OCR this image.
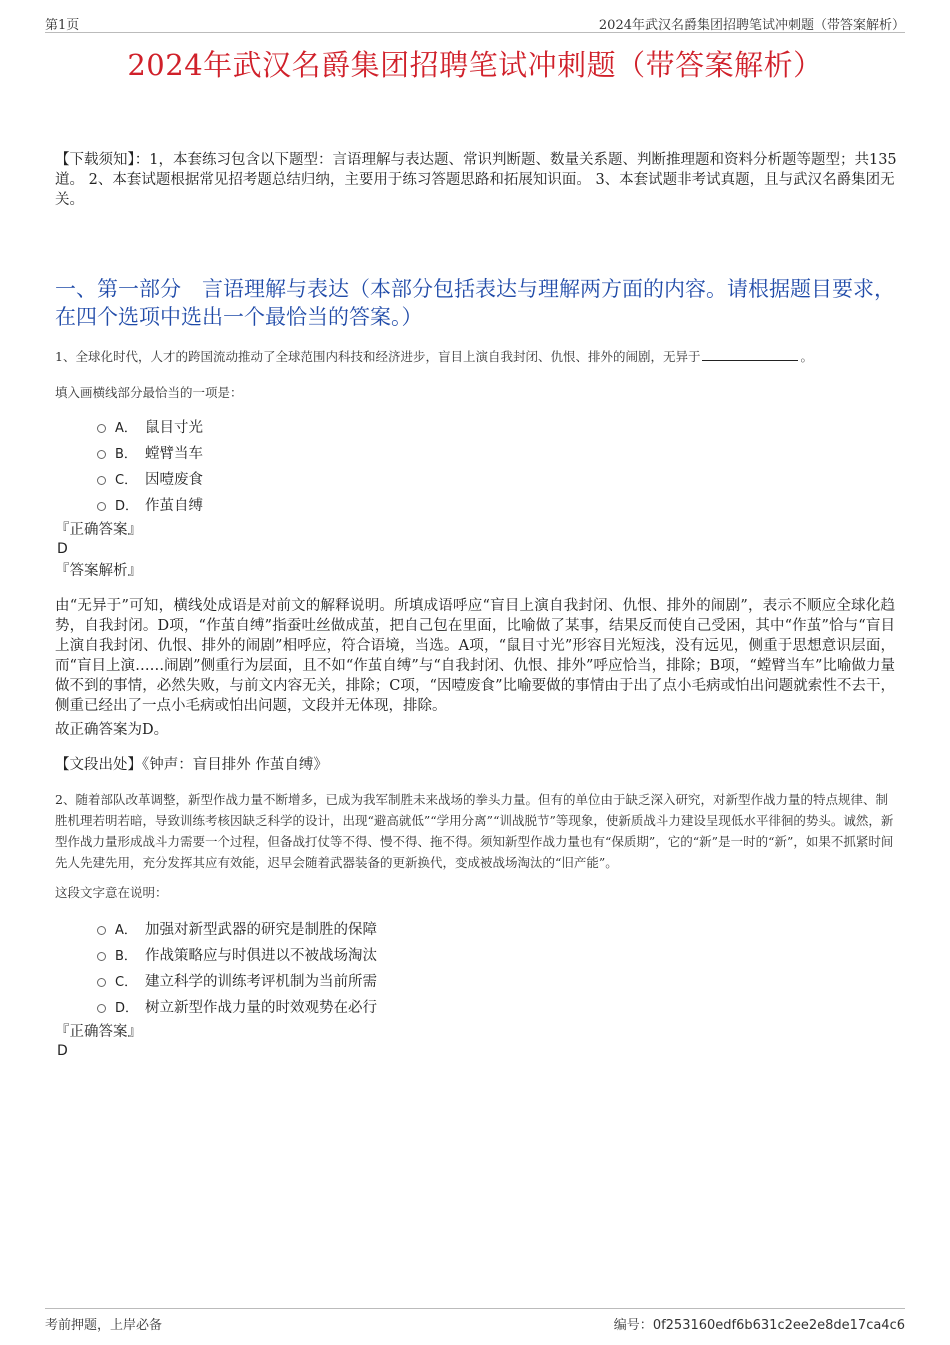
第1页	2024年武汉名爵集团招聘笔试冲刺题（带答案解析）
2024年武汉名爵集团招聘笔试冲刺题（带答案解析）
【下载须知】：1，本套练习包含以下题型：言语理解与表达题、常识判断题、数量关系题、判断推理题和资料分析题等题型；共135道。 2、本套试题根据常见招考题总结归纳，主要用于练习答题思路和拓展知识面。 3、本套试题非考试真题，且与武汉名爵集团无关。
一、第一部分　言语理解与表达（本部分包括表达与理解两方面的内容。请根据题目要求，在四个选项中选出一个最恰当的答案。）
1、全球化时代，人才的跨国流动推动了全球范围内科技和经济进步，盲目上演自我封闭、仇恨、排外的闹剧，无异于	。
填入画横线部分最恰当的一项是：
A． 鼠目寸光
B． 螳臂当车
C． 因噎废食
D． 作茧自缚
『正确答案』
D
『答案解析』
由“无异于”可知，横线处成语是对前文的解释说明。所填成语呼应“盲目上演自我封闭、仇恨、排外的闹剧”，表示不顺应全球化趋势，自我封闭。D项，“作茧自缚”指蚕吐丝做成茧，把自己包在里面，比喻做了某事，结果反而使自己受困，其中“作茧”恰与“盲目上演自我封闭、仇恨、排外的闹剧”相呼应，符合语境，当选。A项，“鼠目寸光”形容目光短浅，没有远见，侧重于思想意识层面，而“盲目上演……闹剧”侧重行为层面，且不如“作茧自缚”与“自我封闭、仇恨、排外”呼应恰当，排除；B项，“螳臂当车”比喻做力量做不到的事情，必然失败，与前文内容无关，排除；C项，“因噎废食”比喻要做的事情由于出了点小毛病或怕出问题就索性不去干，侧重已经出了一点小毛病或怕出问题，文段并无体现，排除。
故正确答案为D。
【文段出处】《钟声：盲目排外 作茧自缚》
2、随着部队改革调整，新型作战力量不断增多，已成为我军制胜未来战场的拳头力量。但有的单位由于缺乏深入研究，对新型作战力量的特点规律、制胜机理若明若暗，导致训练考核因缺乏科学的设计，出现“避高就低”“学用分离”“训战脱节”等现象，使新质战斗力建设呈现低水平徘徊的势头。诚然，新型作战力量形成战斗力需要一个过程，但备战打仗等不得、慢不得、拖不得。须知新型作战力量也有“保质期”，它的“新”是一时的“新”，如果不抓紧时间先人先建先用，充分发挥其应有效能，迟早会随着武器装备的更新换代，变成被战场淘汰的“旧产能”。
这段文字意在说明：
A． 加强对新型武器的研究是制胜的保障
B． 作战策略应与时俱进以不被战场淘汰
C． 建立科学的训练考评机制为当前所需
D． 树立新型作战力量的时效观势在必行
『正确答案』
D
考前押题，上岸必备	编号：0f253160edf6b631c2ee2e8de17ca4c6
